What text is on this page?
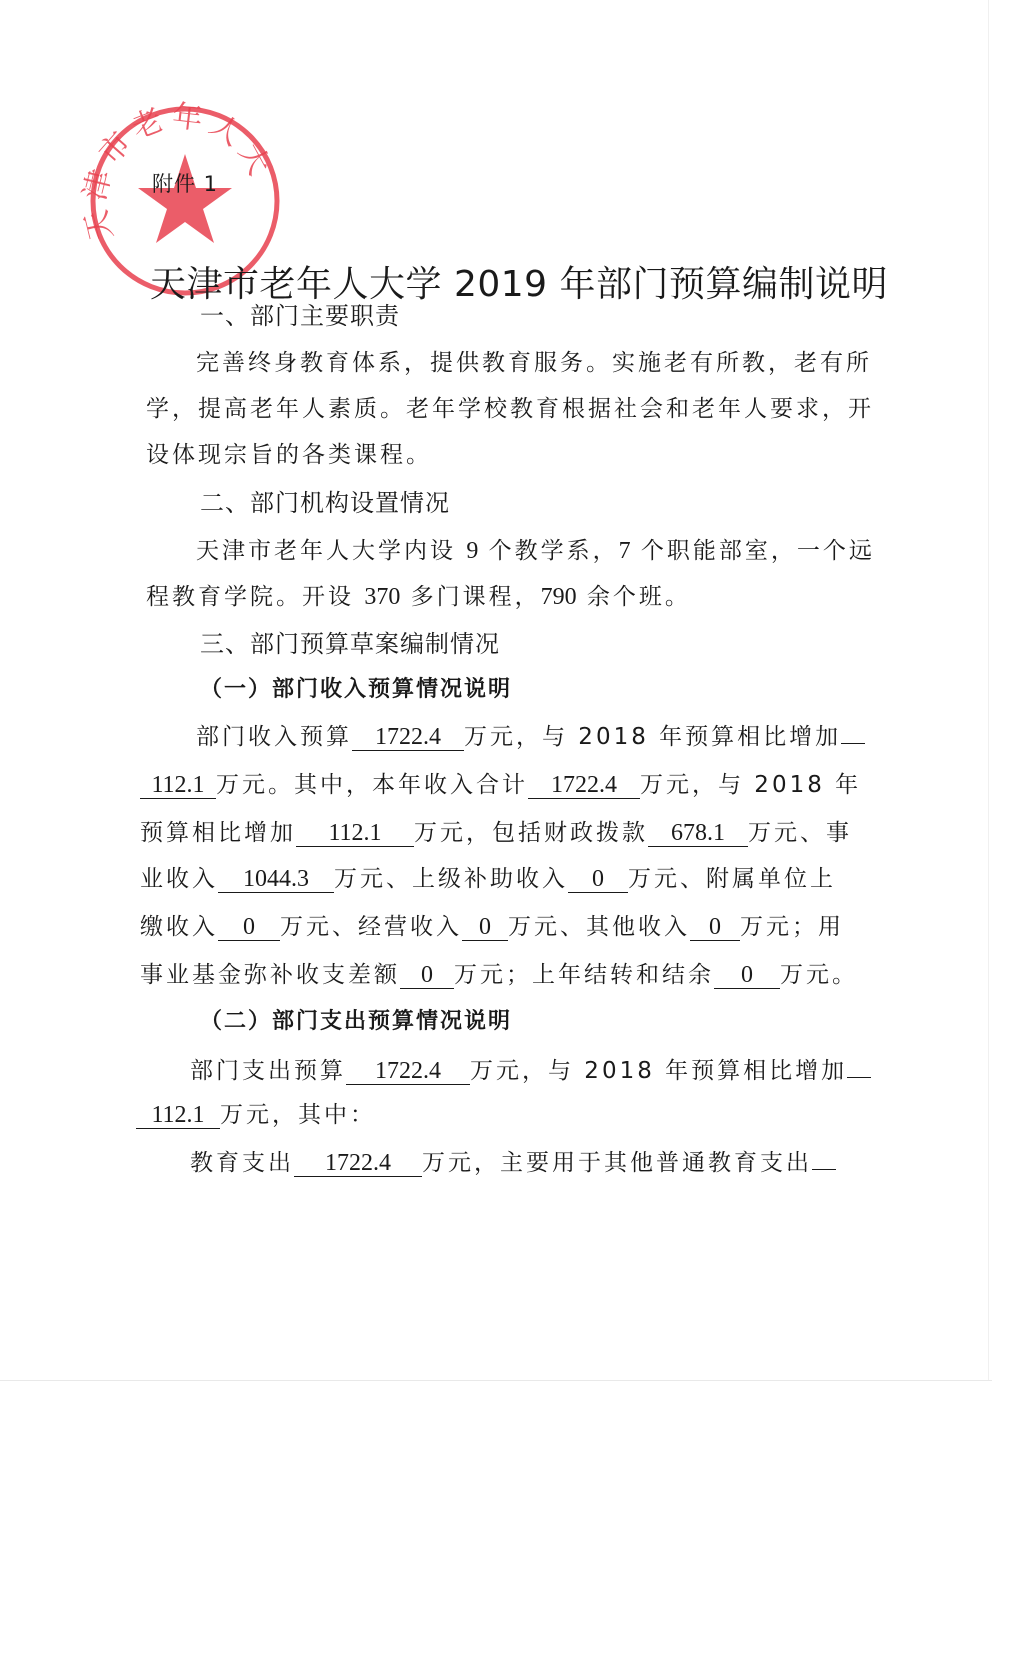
天津市老年人大
附件 1
天津市老年人大学 2019 年部门预算编制说明
一、部门主要职责
完善终身教育体系，提供教育服务。实施老有所教，老有所
学，提高老年人素质。老年学校教育根据社会和老年人要求，开
设体现宗旨的各类课程。
二、部门机构设置情况
天津市老年人大学内设 9 个教学系，7 个职能部室，一个远
程教育学院。开设 370 多门课程，790 余个班。
三、部门预算草案编制情况
（一）部门收入预算情况说明
部门收入预算 1722.4 万元，与 2018 年预算相比增加
112.1 万元。其中，本年收入合计 1722.4 万元，与 2018 年
预算相比增加 112.1 万元，包括财政拨款 678.1 万元、事
业收入 1044.3 万元、上级补助收入 0 万元、附属单位上
缴收入 0 万元、经营收入 0 万元、其他收入 0 万元；用
事业基金弥补收支差额 0 万元；上年结转和结余 0 万元。
（二）部门支出预算情况说明
部门支出预算 1722.4 万元，与 2018 年预算相比增加
112.1 万元，其中：
教育支出 1722.4 万元，主要用于其他普通教育支出
